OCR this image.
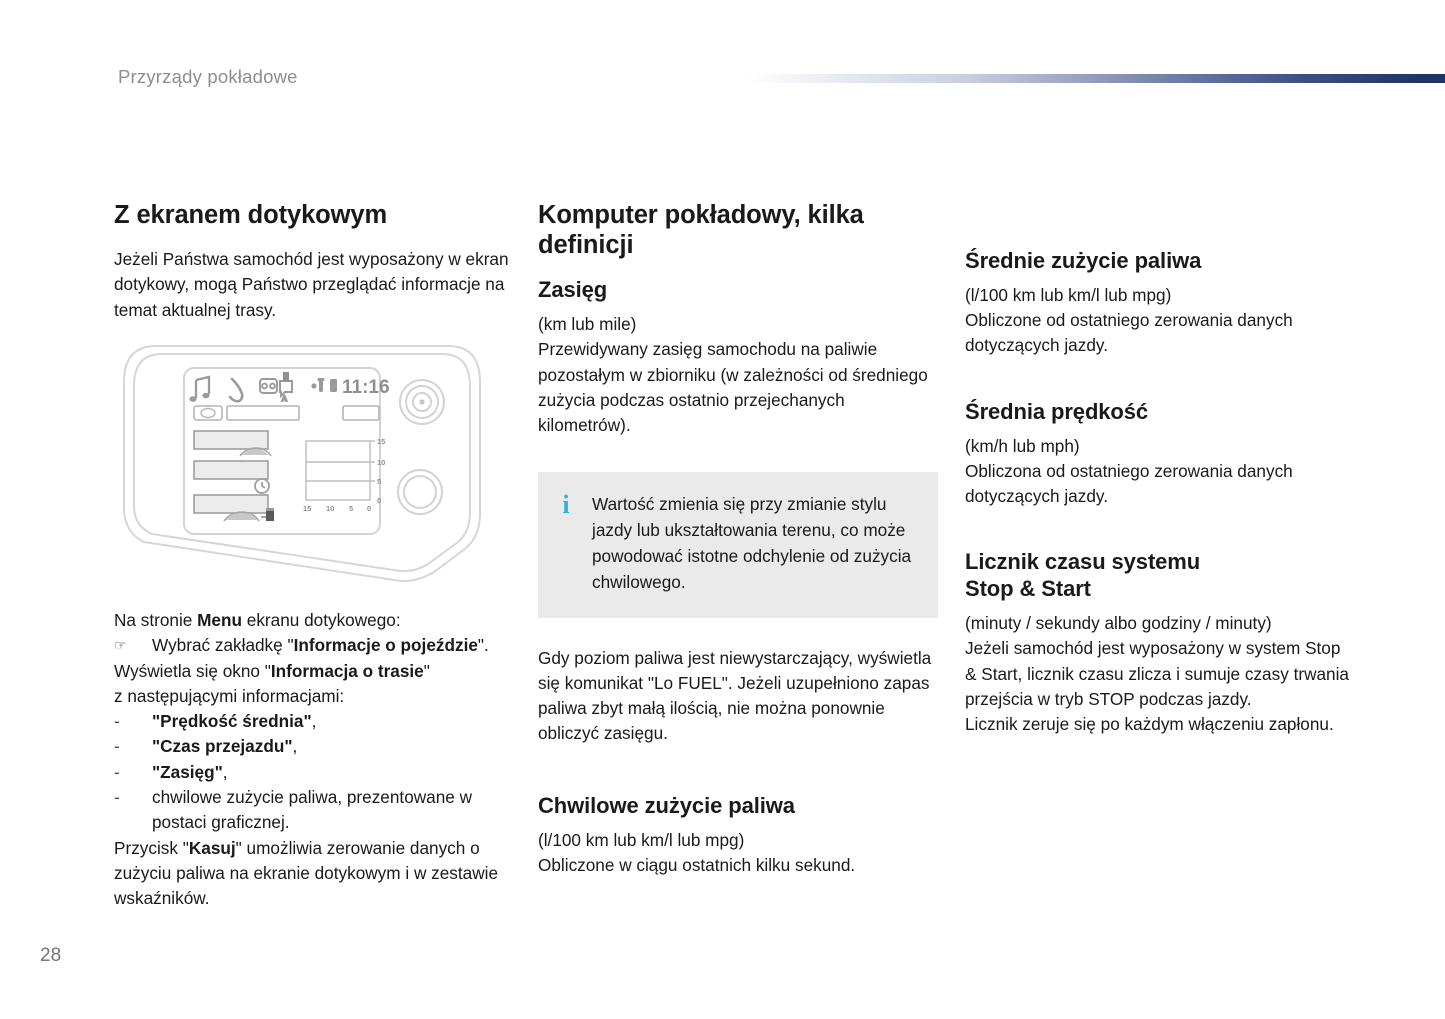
Przyrządy pokładowe
Z ekranem dotykowym

Jeżeli Państwa samochód jest wyposażony w ekran dotykowy, mogą Państwo przeglądać informacje na temat aktualnej trasy.

A
11:16
15
10
5
0
15 10 5 0

Na stronie Menu ekranu dotykowego:

☞	Wybrać zakładkę "Informacje o pojeździe".

Wyświetla się okno "Informacja o trasie"

z następującymi informacjami:

-	"Prędkość średnia",
-	"Czas przejazdu",
-	"Zasięg",
-	chwilowe zużycie paliwa, prezentowane w postaci graficznej.

Przycisk "Kasuj" umożliwia zerowanie danych o zużyciu paliwa na ekranie dotykowym i w zestawie wskaźników.

Komputer pokładowy, kilka definicji
Zasięg

(km lub mile)

Przewidywany zasięg samochodu na paliwie pozostałym w zbiorniku (w zależności od średniego zużycia podczas ostatnio przejechanych kilometrów).

i Wartość zmienia się przy zmianie stylu jazdy lub ukształtowania terenu, co może powodować istotne odchylenie od zużycia chwilowego.

Gdy poziom paliwa jest niewystarczający, wyświetla się komunikat "Lo FUEL". Jeżeli uzupełniono zapas paliwa zbyt małą ilością, nie można ponownie obliczyć zasięgu.

Chwilowe zużycie paliwa

(l/100 km lub km/l lub mpg)

Obliczone w ciągu ostatnich kilku sekund.

Średnie zużycie paliwa

(l/100 km lub km/l lub mpg)

Obliczone od ostatniego zerowania danych dotyczących jazdy.

Średnia prędkość

(km/h lub mph)

Obliczona od ostatniego zerowania danych dotyczących jazdy.

Licznik czasu systemu
Stop & Start

(minuty / sekundy albo godziny / minuty)

Jeżeli samochód jest wyposażony w system Stop & Start, licznik czasu zlicza i sumuje czasy trwania przejścia w tryb STOP podczas jazdy.

Licznik zeruje się po każdym włączeniu zapłonu.

28
